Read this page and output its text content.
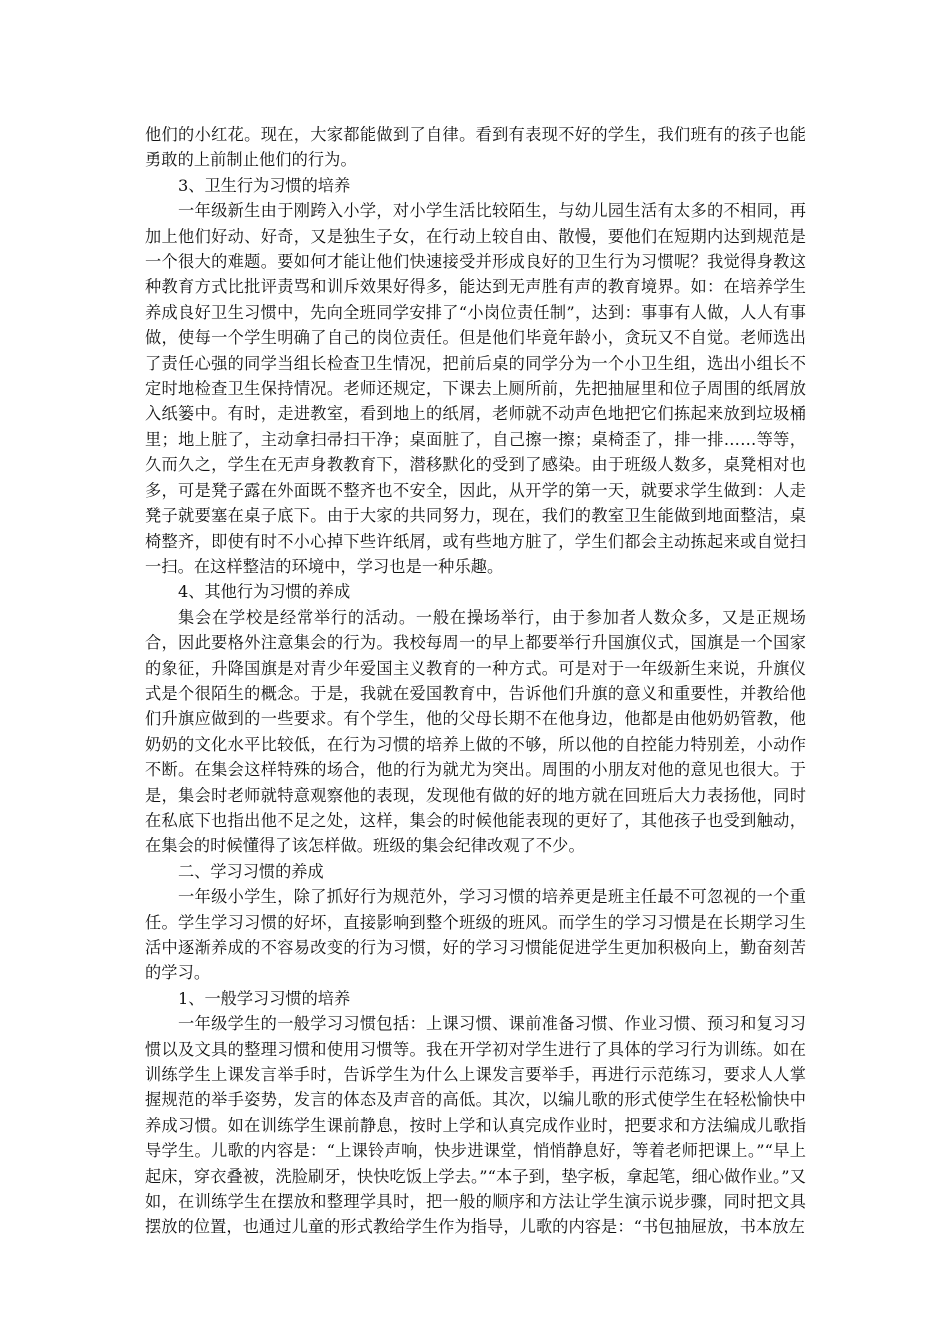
他们的小红花。现在，大家都能做到了自律。看到有表现不好的学生，我们班有的孩子也能勇敢的上前制止他们的行为。

3、卫生行为习惯的培养

一年级新生由于刚跨入小学，对小学生活比较陌生，与幼儿园生活有太多的不相同，再加上他们好动、好奇，又是独生子女，在行动上较自由、散慢，要他们在短期内达到规范是一个很大的难题。要如何才能让他们快速接受并形成良好的卫生行为习惯呢？我觉得身教这种教育方式比批评责骂和训斥效果好得多，能达到无声胜有声的教育境界。如：在培养学生养成良好卫生习惯中，先向全班同学安排了“小岗位责任制”，达到：事事有人做，人人有事做，使每一个学生明确了自己的岗位责任。但是他们毕竟年龄小，贪玩又不自觉。老师选出了责任心强的同学当组长检查卫生情况，把前后桌的同学分为一个小卫生组，选出小组长不定时地检查卫生保持情况。老师还规定，下课去上厕所前，先把抽屉里和位子周围的纸屑放入纸篓中。有时，走进教室，看到地上的纸屑，老师就不动声色地把它们拣起来放到垃圾桶里；地上脏了，主动拿扫帚扫干净；桌面脏了，自己擦一擦；桌椅歪了，排一排……等等，久而久之，学生在无声身教教育下，潜移默化的受到了感染。由于班级人数多，桌凳相对也多，可是凳子露在外面既不整齐也不安全，因此，从开学的第一天，就要求学生做到：人走凳子就要塞在桌子底下。由于大家的共同努力，现在，我们的教室卫生能做到地面整洁，桌椅整齐，即使有时不小心掉下些许纸屑，或有些地方脏了，学生们都会主动拣起来或自觉扫一扫。在这样整洁的环境中，学习也是一种乐趣。

4、其他行为习惯的养成

集会在学校是经常举行的活动。一般在操场举行，由于参加者人数众多，又是正规场合，因此要格外注意集会的行为。我校每周一的早上都要举行升国旗仪式，国旗是一个国家的象征，升降国旗是对青少年爱国主义教育的一种方式。可是对于一年级新生来说，升旗仪式是个很陌生的概念。于是，我就在爱国教育中，告诉他们升旗的意义和重要性，并教给他们升旗应做到的一些要求。有个学生，他的父母长期不在他身边，他都是由他奶奶管教，他奶奶的文化水平比较低，在行为习惯的培养上做的不够，所以他的自控能力特别差，小动作不断。在集会这样特殊的场合，他的行为就尤为突出。周围的小朋友对他的意见也很大。于是，集会时老师就特意观察他的表现，发现他有做的好的地方就在回班后大力表扬他，同时在私底下也指出他不足之处，这样，集会的时候他能表现的更好了，其他孩子也受到触动，在集会的时候懂得了该怎样做。班级的集会纪律改观了不少。

二、学习习惯的养成

一年级小学生，除了抓好行为规范外，学习习惯的培养更是班主任最不可忽视的一个重任。学生学习习惯的好坏，直接影响到整个班级的班风。而学生的学习习惯是在长期学习生活中逐渐养成的不容易改变的行为习惯，好的学习习惯能促进学生更加积极向上，勤奋刻苦的学习。

1、一般学习习惯的培养

一年级学生的一般学习习惯包括：上课习惯、课前准备习惯、作业习惯、预习和复习习惯以及文具的整理习惯和使用习惯等。我在开学初对学生进行了具体的学习行为训练。如在训练学生上课发言举手时，告诉学生为什么上课发言要举手，再进行示范练习，要求人人掌握规范的举手姿势，发言的体态及声音的高低。其次，以编儿歌的形式使学生在轻松愉快中养成习惯。如在训练学生课前静息，按时上学和认真完成作业时，把要求和方法编成儿歌指导学生。儿歌的内容是：“上课铃声响，快步进课堂，悄悄静息好，等着老师把课上。”“早上起床，穿衣叠被，洗脸刷牙，快快吃饭上学去。”“本子到，垫字板，拿起笔，细心做作业。”又如，在训练学生在摆放和整理学具时，把一般的顺序和方法让学生演示说步骤，同时把文具摆放的位置，也通过儿童的形式教给学生作为指导，儿歌的内容是：“书包抽屉放，书本放左
